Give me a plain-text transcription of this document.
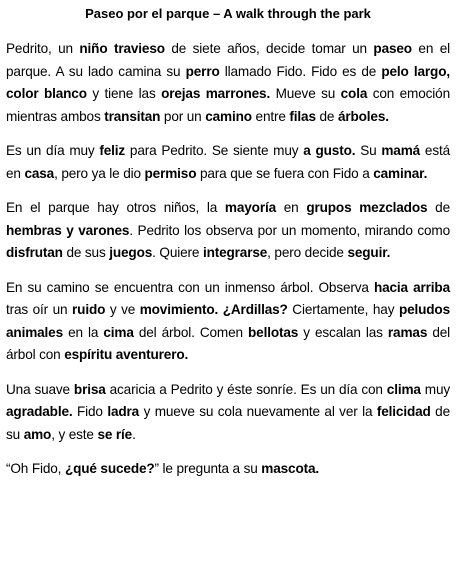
Paseo por el parque – A walk through the park

Pedrito, un niño travieso de siete años, decide tomar un paseo en el parque. A su lado camina su perro llamado Fido. Fido es de pelo largo, color blanco y tiene las orejas marrones. Mueve su cola con emoción mientras ambos transitan por un camino entre filas de árboles.

Es un día muy feliz para Pedrito. Se siente muy a gusto. Su mamá está en casa, pero ya le dio permiso para que se fuera con Fido a caminar.

En el parque hay otros niños, la mayoría en grupos mezclados de hembras y varones. Pedrito los observa por un momento, mirando como disfrutan de sus juegos. Quiere integrarse, pero decide seguir.

En su camino se encuentra con un inmenso árbol. Observa hacia arriba tras oír un ruido y ve movimiento. ¿Ardillas? Ciertamente, hay peludos animales en la cima del árbol. Comen bellotas y escalan las ramas del árbol con espíritu aventurero.

Una suave brisa acaricia a Pedrito y éste sonríe. Es un día con clima muy agradable. Fido ladra y mueve su cola nuevamente al ver la felicidad de su amo, y este se ríe.

“Oh Fido, ¿qué sucede?” le pregunta a su mascota.
